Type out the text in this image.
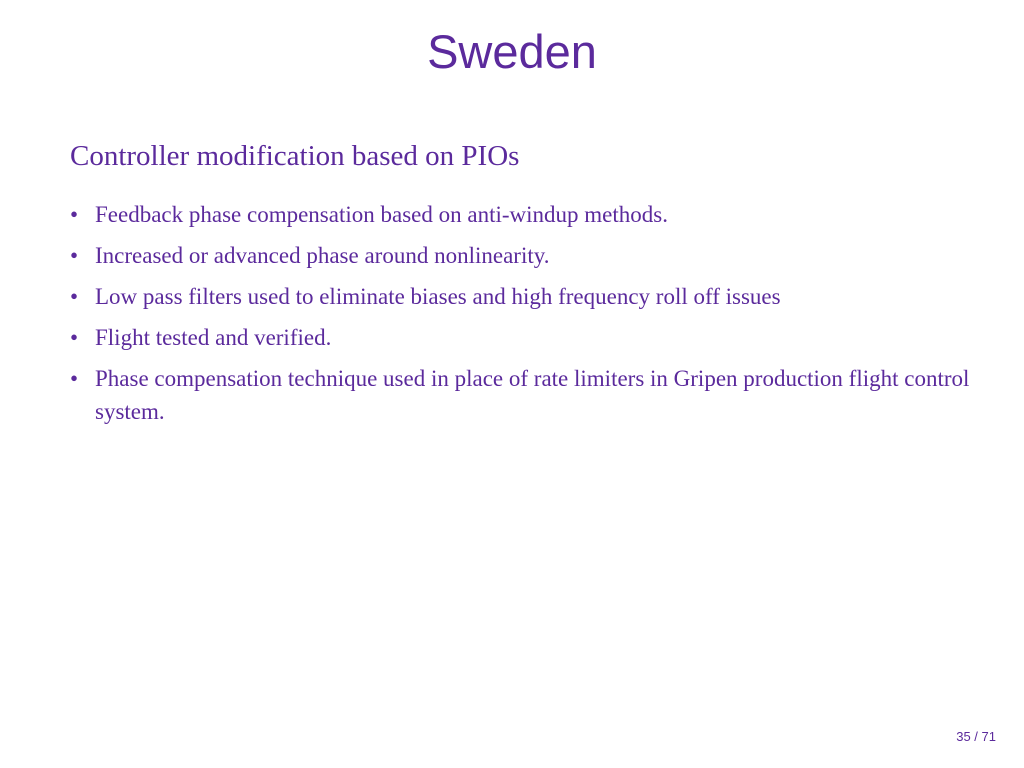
Sweden
Controller modification based on PIOs
• Feedback phase compensation based on anti-windup methods.
• Increased or advanced phase around nonlinearity.
• Low pass filters used to eliminate biases and high frequency roll off issues
• Flight tested and verified.
• Phase compensation technique used in place of rate limiters in Gripen production flight control system.
35 / 71
